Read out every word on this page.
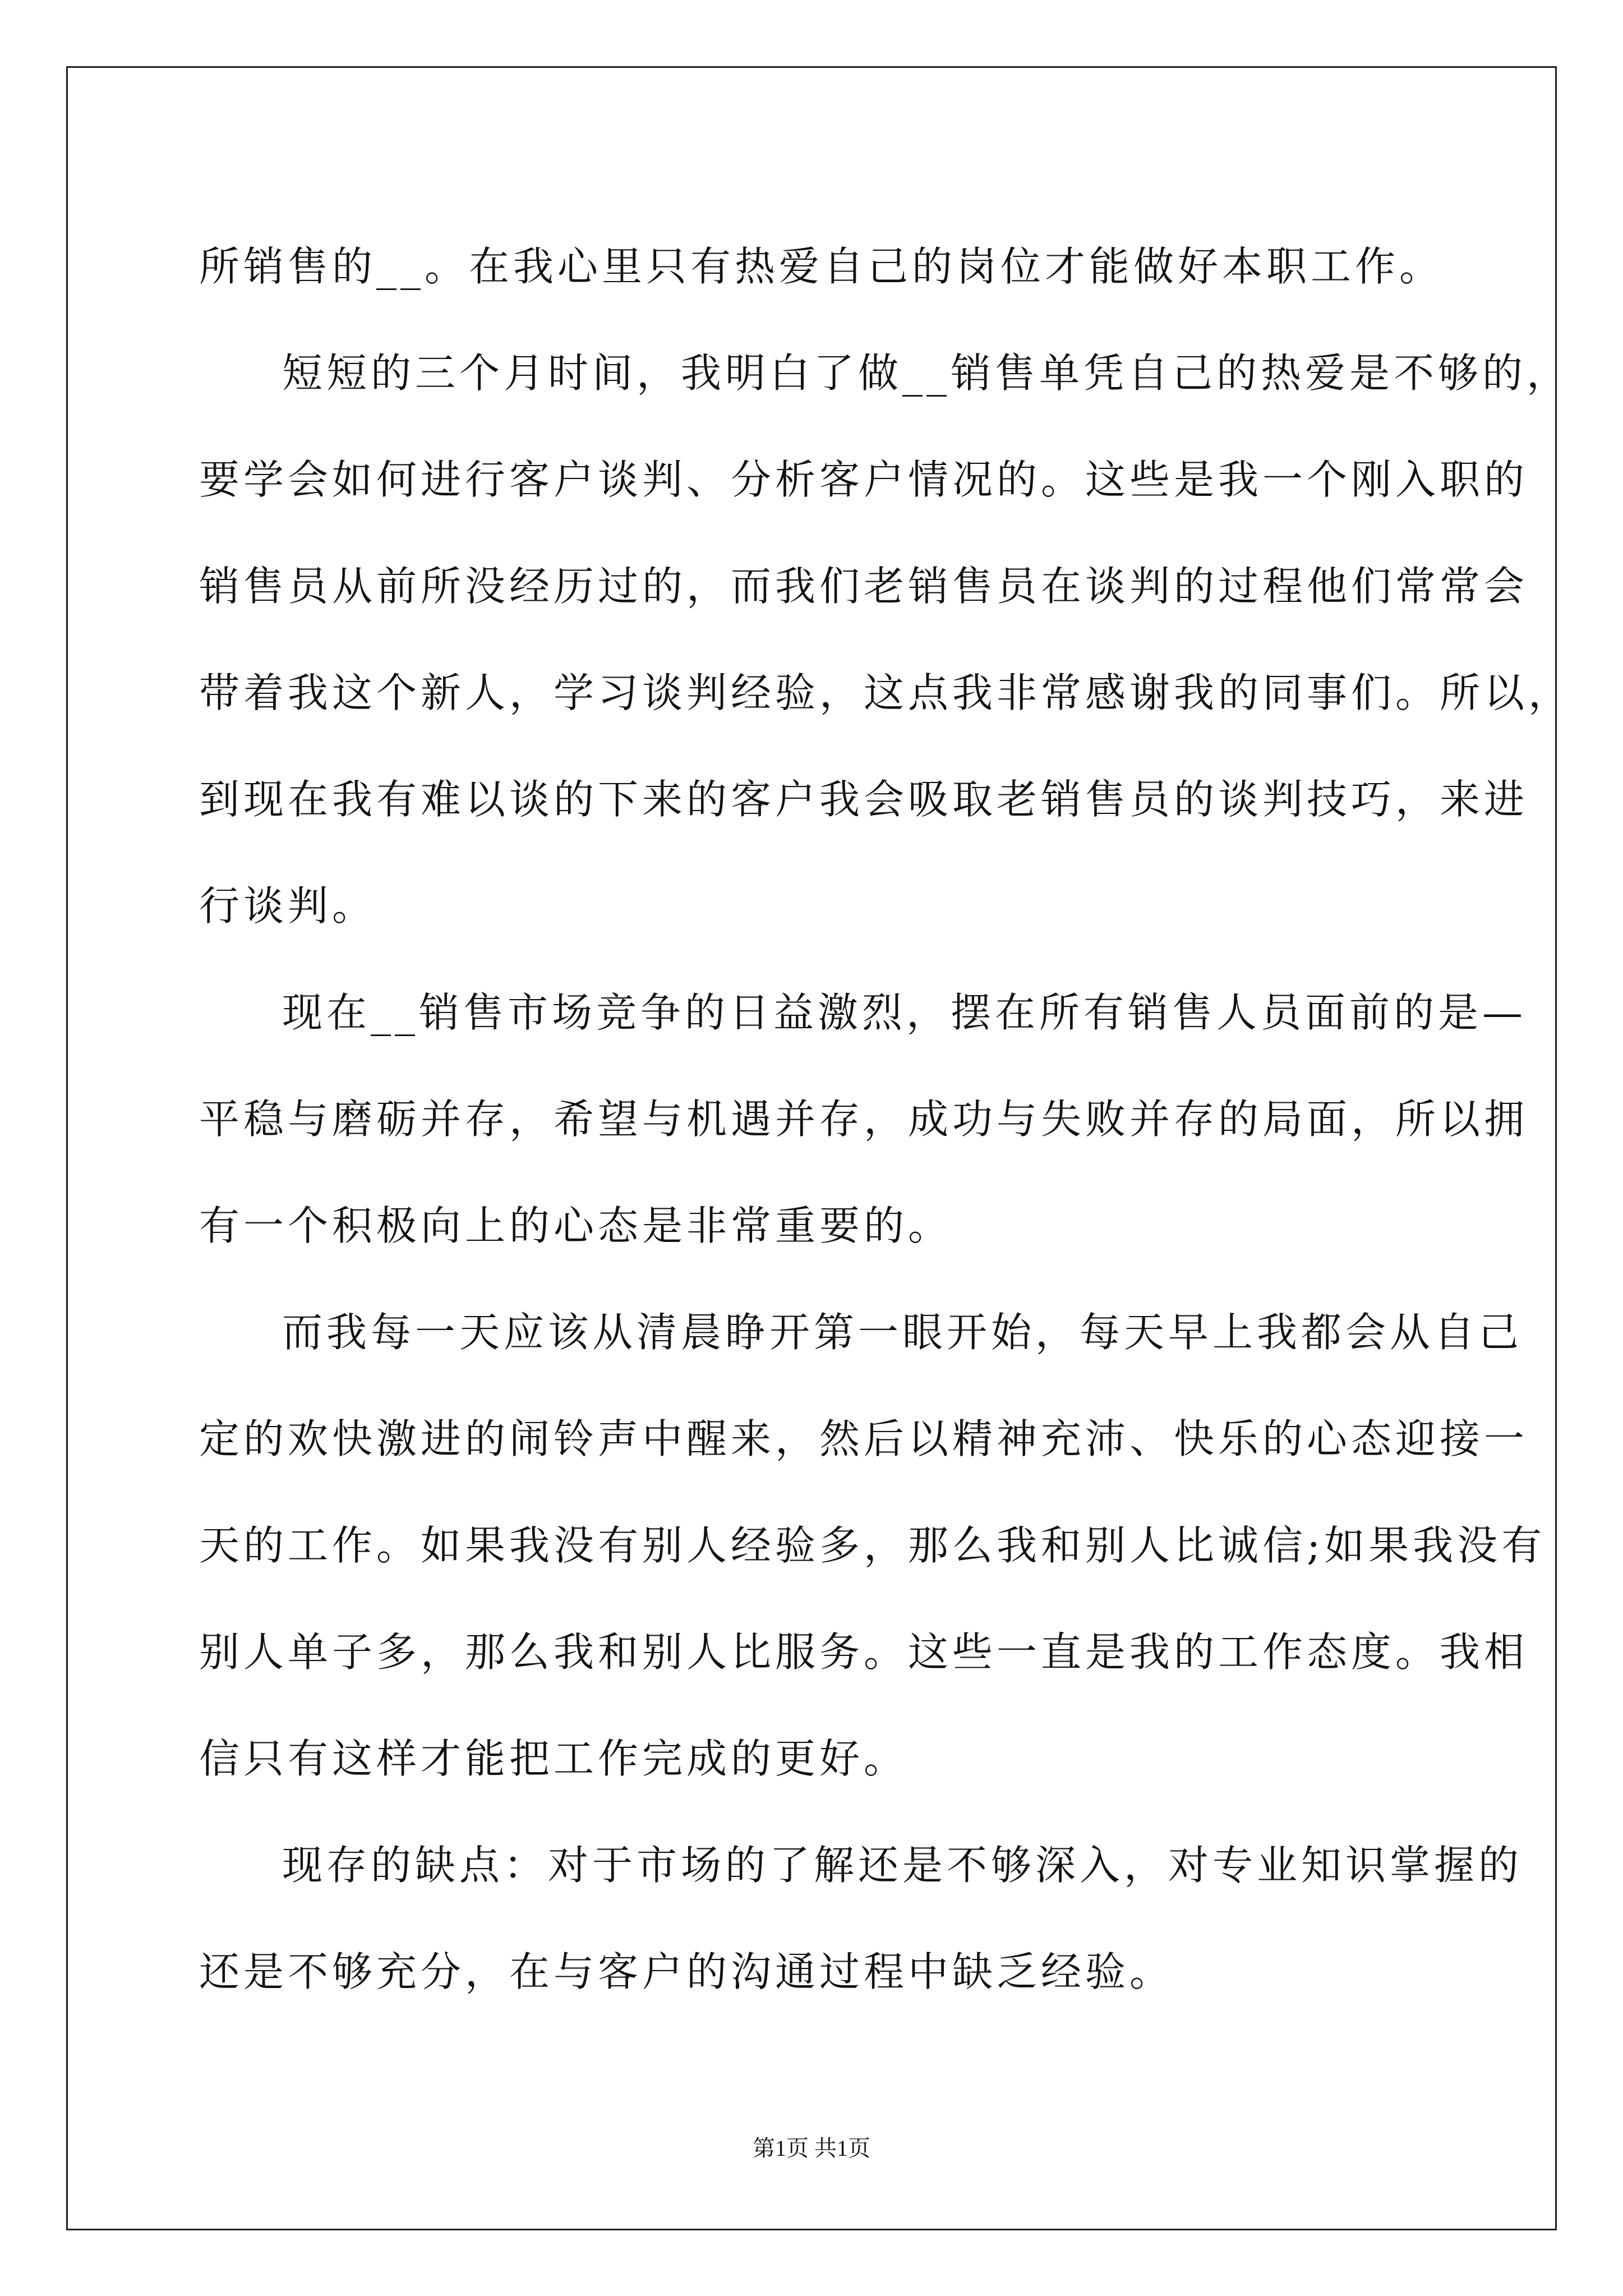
所销售的__。在我心里只有热爱自己的岗位才能做好本职工作。
短短的三个月时间，我明白了做__销售单凭自己的热爱是不够的，
要学会如何进行客户谈判、分析客户情况的。这些是我一个刚入职的
销售员从前所没经历过的，而我们老销售员在谈判的过程他们常常会
带着我这个新人，学习谈判经验，这点我非常感谢我的同事们。所以，
到现在我有难以谈的下来的客户我会吸取老销售员的谈判技巧，来进
行谈判。
现在__销售市场竞争的日益激烈，摆在所有销售人员面前的是—
平稳与磨砺并存，希望与机遇并存，成功与失败并存的局面，所以拥
有一个积极向上的心态是非常重要的。
而我每一天应该从清晨睁开第一眼开始，每天早上我都会从自己
定的欢快激进的闹铃声中醒来，然后以精神充沛、快乐的心态迎接一
天的工作。如果我没有别人经验多，那么我和别人比诚信;如果我没有
别人单子多，那么我和别人比服务。这些一直是我的工作态度。我相
信只有这样才能把工作完成的更好。
现存的缺点：对于市场的了解还是不够深入，对专业知识掌握的
还是不够充分，在与客户的沟通过程中缺乏经验。
第1页 共1页
